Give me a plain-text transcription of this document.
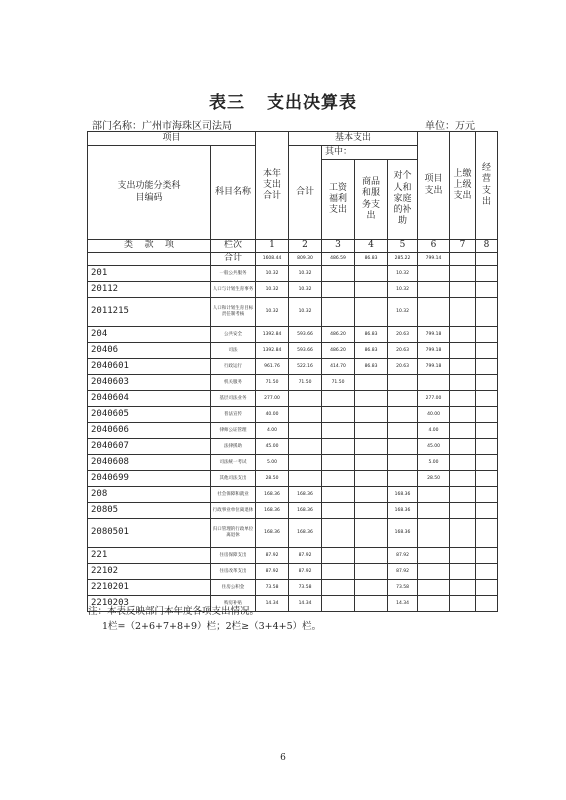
表三 支出决算表
部门名称：广州市海珠区司法局	单位：万元
项目		本年支出合计	基本支出				项目支出	上缴上级支出	经营支出

支出功能分类科目编码	科目名称		合计	其中：					

				工资福利支出	商品和服务支出	对个人和家庭的补助			

类 款 项	栏次	1	2	3	4	5	6	7	8
	合计	1608.44	809.30	486.59	86.83	285.22	799.14		
201	一般公共服务	10.32	10.32			10.32			
20112	人口与计划生育事务	10.32	10.32			10.32			
2011215	人口和计划生育目标责任制考核	10.32	10.32			10.32			
204	公共安全	1392.84	593.66	486.20	86.83	20.63	799.18		
20406	司法	1392.84	593.66	486.20	86.83	20.63	799.18		
2040601	行政运行	961.76	522.16	414.70	86.83	20.63	799.18		
2040603	机关服务	71.50	71.50	71.50					
2040604	基层司法业务	277.00					277.00		
2040605	普法宣传	40.00					40.00		
2040606	律师公证管理	4.00					4.00		
2040607	法律援助	45.00					45.00		
2040608	司法统一考试	5.00					5.00		
2040699	其他司法支出	28.50					28.50		
208	社会保障和就业	168.36	168.36			168.36			
20805	行政事业单位离退休	168.36	168.36			168.36			
2080501	归口管理的行政单位离退休	168.36	168.36			168.36			
221	住房保障支出	87.92	87.92			87.92			
22102	住房改革支出	87.92	87.92			87.92			
2210201	住房公积金	73.58	73.58			73.58			
2210203	购房补贴	14.34	14.34			14.34			
注：本表反映部门本年度各项支出情况。
1栏=（2+6+7+8+9）栏；2栏≥（3+4+5）栏。
6
